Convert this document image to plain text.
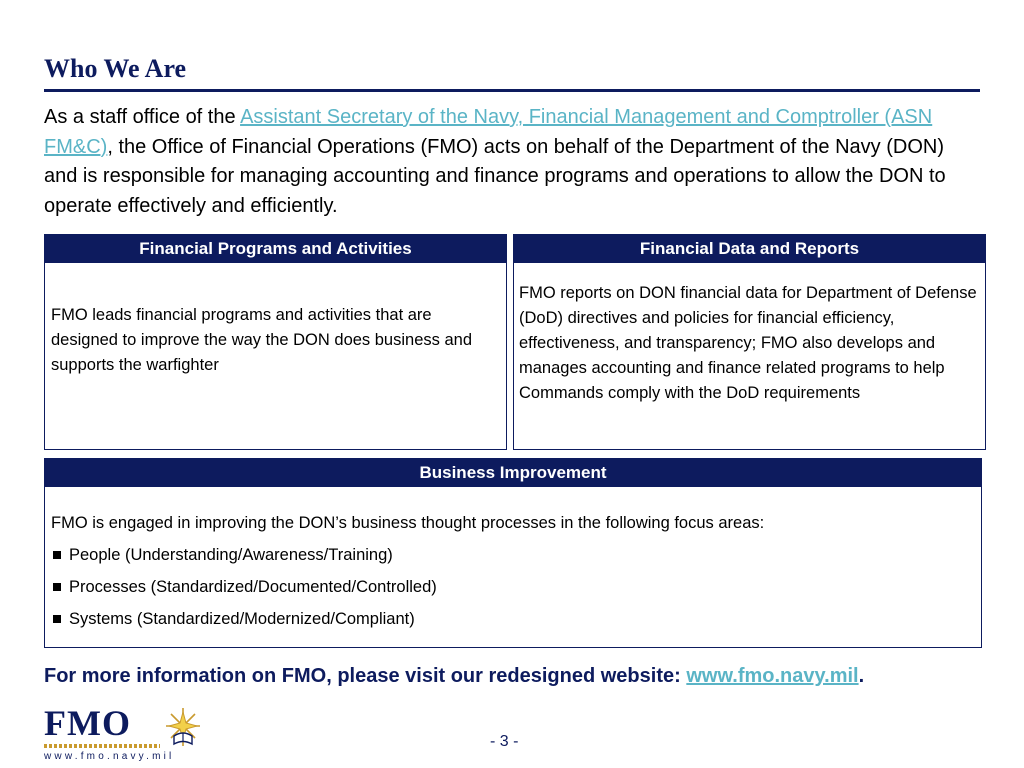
Who We Are

As a staff office of the Assistant Secretary of the Navy, Financial Management and Comptroller (ASN FM&C), the Office of Financial Operations (FMO) acts on behalf of the Department of the Navy (DON) and is responsible for managing accounting and finance programs and operations to allow the DON to operate effectively and efficiently.

Financial Programs and Activities
FMO leads financial programs and activities that are designed to improve the way the DON does business and supports the warfighter
Financial Data and Reports
FMO reports on DON financial data for Department of Defense (DoD) directives and policies for financial efficiency, effectiveness, and transparency; FMO also develops and manages accounting and finance related programs to help Commands comply with the DoD requirements
Business Improvement
FMO is engaged in improving the DON’s business thought processes in the following focus areas:
People (Understanding/Awareness/Training)
Processes (Standardized/Documented/Controlled)
Systems (Standardized/Modernized/Compliant)

For more information on FMO, please visit our redesigned website: www.fmo.navy.mil.

FMO
www.fmo.navy.mil
- 3 -
